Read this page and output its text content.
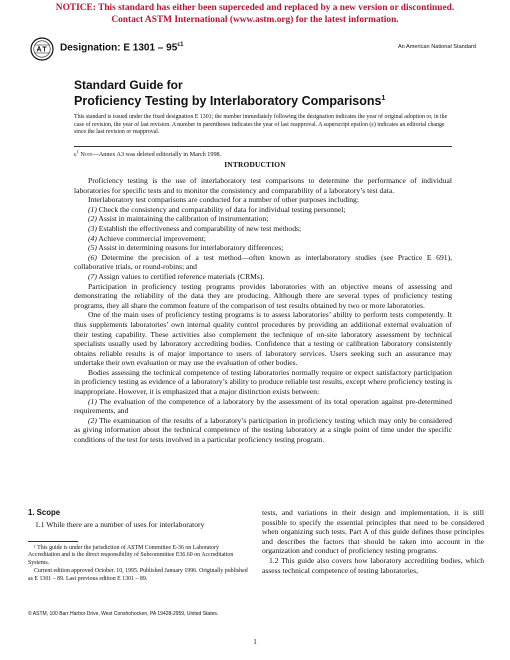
NOTICE: This standard has either been superceded and replaced by a new version or discontinued.
Contact ASTM International (www.astm.org) for the latest information.
Designation: E $1301 - 95^{\varepsilon 1}$	An American National Standard
Standard Guide for
Proficiency Testing by Interlaboratory Comparisons$^1$
This standard is issued under the fixed designation E 1301; the number immediately following the designation indicates the year of original adoption or, in the case of revision, the year of last revision. A number in parentheses indicates the year of last reapproval. A superscript epsilon (ε) indicates an editorial change since the last revision or reapproval.
$\varepsilon^1$ Note—Annex A3 was deleted editorially in March 1998.
INTRODUCTION

Proficiency testing is the use of interlaboratory test comparisons to determine the performance of individual laboratories for specific tests and to monitor the consistency and comparability of a laboratory’s test data.

Interlaboratory test comparisons are conducted for a number of other purposes including:

(1) Check the consistency and comparability of data for individual testing personnel;

(2) Assist in maintaining the calibration of instrumentation;

(3) Establish the effectiveness and comparability of new test methods;

(4) Achieve commercial improvement;

(5) Assist in determining reasons for interlaboratory differences;

(6) Determine the precision of a test method—often known as interlaboratory studies (see Practice E 691), collaborative trials, or round-robins; and

(7) Assign values to certified reference materials (CRMs).

Participation in proficiency testing programs provides laboratories with an objective means of assessing and demonstrating the reliability of the data they are producing. Although there are several types of proficiency testing programs, they all share the common feature of the comparison of test results obtained by two or more laboratories.

One of the main uses of proficiency testing programs is to assess laboratories’ ability to perform tests competently. It thus supplements laboratories’ own internal quality control procedures by providing an additional external evaluation of their testing capability. These activities also complement the technique of on-site laboratory assessment by technical specialists usually used by laboratory accrediting bodies. Confidence that a testing or calibration laboratory consistently obtains reliable results is of major importance to users of laboratory services. Users seeking such an assurance may undertake their own evaluation or may use the evaluation of other bodies.

Bodies assessing the technical competence of testing laboratories normally require or expect satisfactory participation in proficiency testing as evidence of a laboratory’s ability to produce reliable test results, except where proficiency testing is inappropriate. However, it is emphasized that a major distinction exists between:

(1) The evaluation of the competence of a laboratory by the assessment of its total operation against pre-determined requirements, and

(2) The examination of the results of a laboratory’s participation in proficiency testing which may only be considered as giving information about the technical competence of the testing laboratory at a single point of time under the specific conditions of the test for tests involved in a particular proficiency testing program.

1. Scope

1.1 While there are a number of uses for interlaboratory

¹ This guide is under the jurisdiction of ASTM Committee E-36 on Laboratory Accreditation and is the direct responsibility of Subcommittee E36.60 on Accreditation Systems.

Current edition approved October. 10, 1995. Published January 1996. Originally published as E 1301 – 89. Last previous edition E 1301 – 89.

tests, and variations in their design and implementation, it is still possible to specify the essential principles that need to be considered when organizing such tests. Part A of this guide defines those principles and describes the factors that should be taken into account in the organization and conduct of proficiency testing programs.

1.2 This guide also covers how laboratory accrediting bodies, which assess technical competence of testing laboratories,

© ASTM, 100 Barr Harbor Drive, West Conshohocken, PA 19428-2959, United States.
1
